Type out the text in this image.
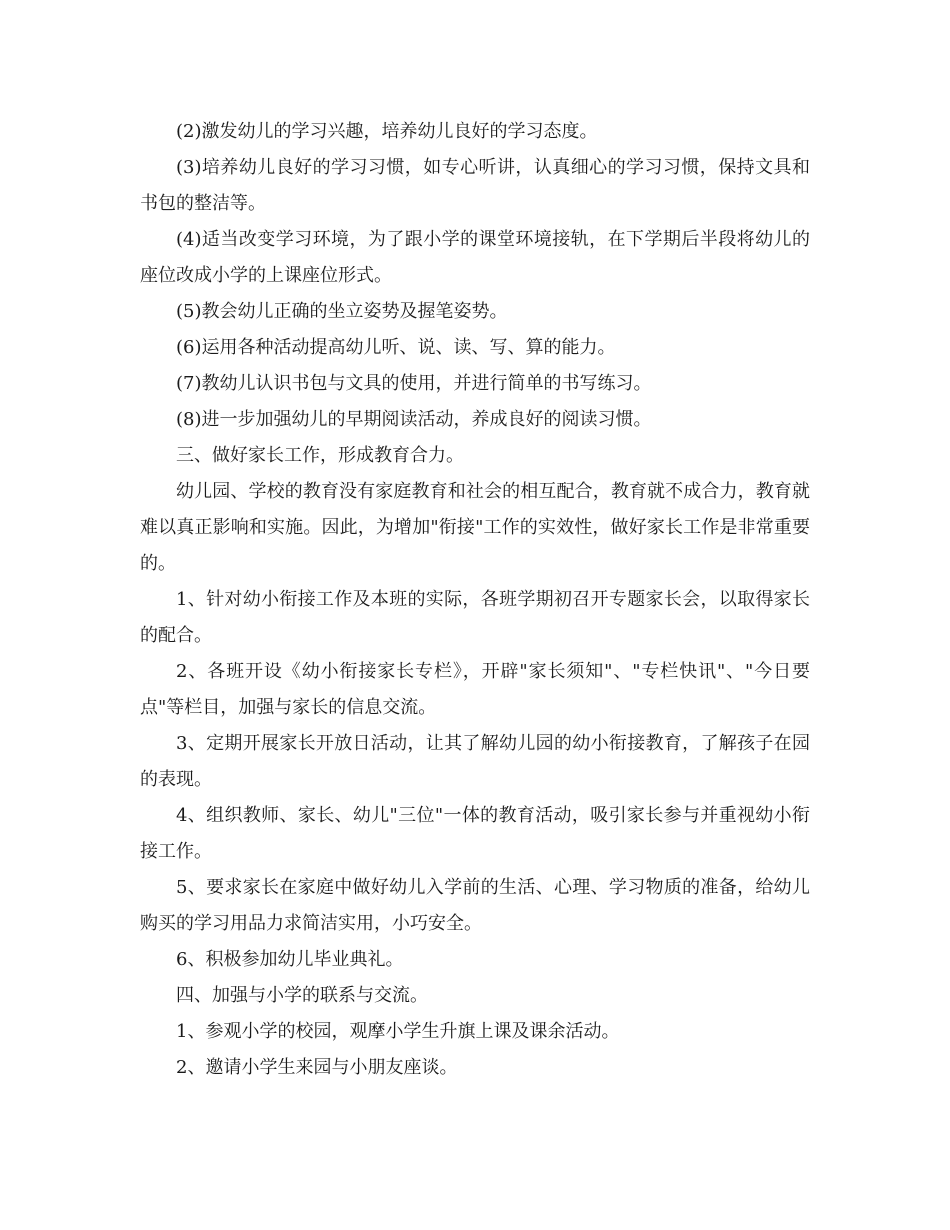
(2)激发幼儿的学习兴趣，培养幼儿良好的学习态度。

(3)培养幼儿良好的学习习惯，如专心听讲，认真细心的学习习惯，保持文具和书包的整洁等。

(4)适当改变学习环境，为了跟小学的课堂环境接轨，在下学期后半段将幼儿的座位改成小学的上课座位形式。

(5)教会幼儿正确的坐立姿势及握笔姿势。

(6)运用各种活动提高幼儿听、说、读、写、算的能力。

(7)教幼儿认识书包与文具的使用，并进行简单的书写练习。

(8)进一步加强幼儿的早期阅读活动，养成良好的阅读习惯。

三、做好家长工作，形成教育合力。

幼儿园、学校的教育没有家庭教育和社会的相互配合，教育就不成合力，教育就难以真正影响和实施。因此，为增加"衔接"工作的实效性，做好家长工作是非常重要的。

1、针对幼小衔接工作及本班的实际，各班学期初召开专题家长会，以取得家长的配合。

2、各班开设《幼小衔接家长专栏》，开辟"家长须知"、"专栏快讯"、"今日要点"等栏目，加强与家长的信息交流。

3、定期开展家长开放日活动，让其了解幼儿园的幼小衔接教育，了解孩子在园的表现。

4、组织教师、家长、幼儿"三位"一体的教育活动，吸引家长参与并重视幼小衔接工作。

5、要求家长在家庭中做好幼儿入学前的生活、心理、学习物质的准备，给幼儿购买的学习用品力求简洁实用，小巧安全。

6、积极参加幼儿毕业典礼。

四、加强与小学的联系与交流。

1、参观小学的校园，观摩小学生升旗上课及课余活动。

2、邀请小学生来园与小朋友座谈。
